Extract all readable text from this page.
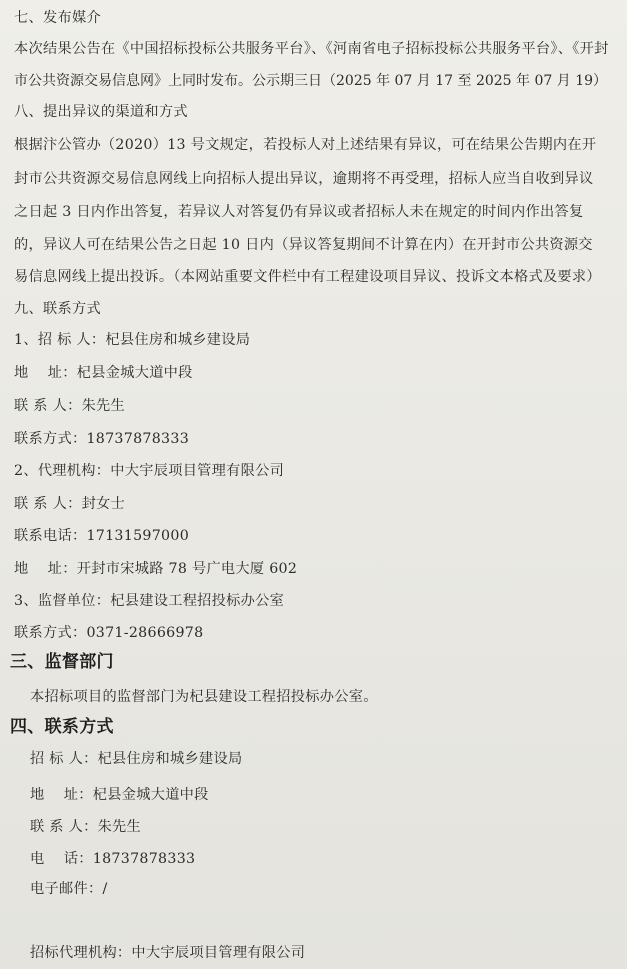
七、发布媒介
本次结果公告在《中国招标投标公共服务平台》、《河南省电子招标投标公共服务平台》、《开封
市公共资源交易信息网》上同时发布。公示期三日（2025 年 07 月 17 至 2025 年 07 月 19）
八、提出异议的渠道和方式
根据汴公管办（2020）13 号文规定，若投标人对上述结果有异议，可在结果公告期内在开
封市公共资源交易信息网线上向招标人提出异议，逾期将不再受理，招标人应当自收到异议
之日起 3 日内作出答复，若异议人对答复仍有异议或者招标人未在规定的时间内作出答复
的，异议人可在结果公告之日起 10 日内（异议答复期间不计算在内）在开封市公共资源交
易信息网线上提出投诉。（本网站重要文件栏中有工程建设项目异议、投诉文本格式及要求）
九、联系方式
1、招 标 人：杞县住房和城乡建设局
地　 址：杞县金城大道中段
联 系 人：朱先生
联系方式：18737878333
2、代理机构：中大宇辰项目管理有限公司
联 系 人：封女士
联系电话：17131597000
地　 址：开封市宋城路 78 号广电大厦 602
3、监督单位：杞县建设工程招投标办公室
联系方式：0371-28666978
三、监督部门
本招标项目的监督部门为杞县建设工程招投标办公室。
四、联系方式
招 标 人：杞县住房和城乡建设局
地　 址：杞县金城大道中段
联 系 人：朱先生
电　 话：18737878333
电子邮件：/
招标代理机构：中大宇辰项目管理有限公司
